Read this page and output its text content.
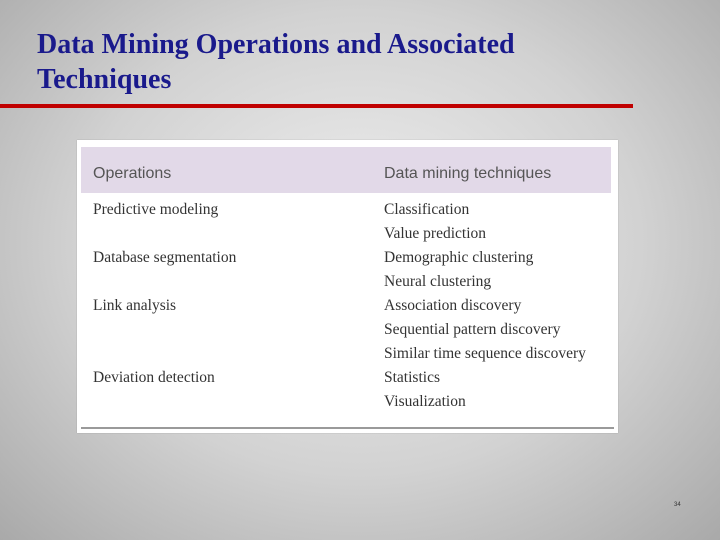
Data Mining Operations and Associated
Techniques
Operations	Data mining techniques
Predictive modeling
Database segmentation
Link analysis
Deviation detection
Classification
Value prediction
Demographic clustering
Neural clustering
Association discovery
Sequential pattern discovery
Similar time sequence discovery
Statistics
Visualization
34
